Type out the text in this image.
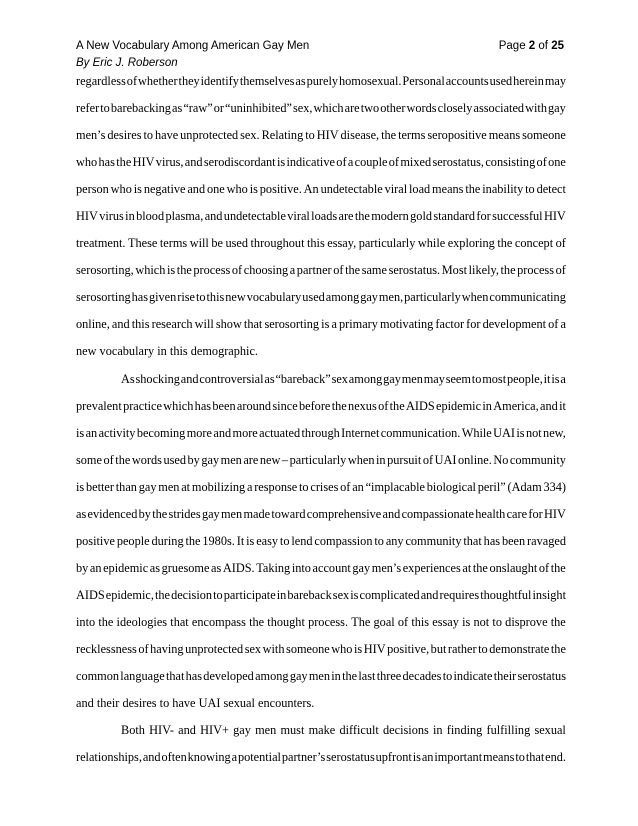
A New Vocabulary Among American Gay Men	Page 2 of 25
By Eric J. Roberson
regardless of whether they identify themselves as purely homosexual. Personal accounts used herein may
refer to barebacking as “raw” or “uninhibited” sex, which are two other words closely associated with gay
men’s desires to have unprotected sex. Relating to HIV disease, the terms seropositive means someone
who has the HIV virus, and serodiscordant is indicative of a couple of mixed serostatus, consisting of one
person who is negative and one who is positive. An undetectable viral load means the inability to detect
HIV virus in blood plasma, and undetectable viral loads are the modern gold standard for successful HIV
treatment. These terms will be used throughout this essay, particularly while exploring the concept of
serosorting, which is the process of choosing a partner of the same serostatus. Most likely, the process of
serosorting has given rise to this new vocabulary used among gay men, particularly when communicating
online, and this research will show that serosorting is a primary motivating factor for development of a
new vocabulary in this demographic.
As shocking and controversial as “bareback” sex among gay men may seem to most people, it is a
prevalent practice which has been around since before the nexus of the AIDS epidemic in America, and it
is an activity becoming more and more actuated through Internet communication. While UAI is not new,
some of the words used by gay men are new – particularly when in pursuit of UAI online. No community
is better than gay men at mobilizing a response to crises of an “implacable biological peril” (Adam 334)
as evidenced by the strides gay men made toward comprehensive and compassionate health care for HIV
positive people during the 1980s. It is easy to lend compassion to any community that has been ravaged
by an epidemic as gruesome as AIDS. Taking into account gay men’s experiences at the onslaught of the
AIDS epidemic, the decision to participate in bareback sex is complicated and requires thoughtful insight
into the ideologies that encompass the thought process. The goal of this essay is not to disprove the
recklessness of having unprotected sex with someone who is HIV positive, but rather to demonstrate the
common language that has developed among gay men in the last three decades to indicate their serostatus
and their desires to have UAI sexual encounters.
Both HIV- and HIV+ gay men must make difficult decisions in finding fulfilling sexual
relationships, and often knowing a potential partner’s serostatus upfront is an important means to that end.
